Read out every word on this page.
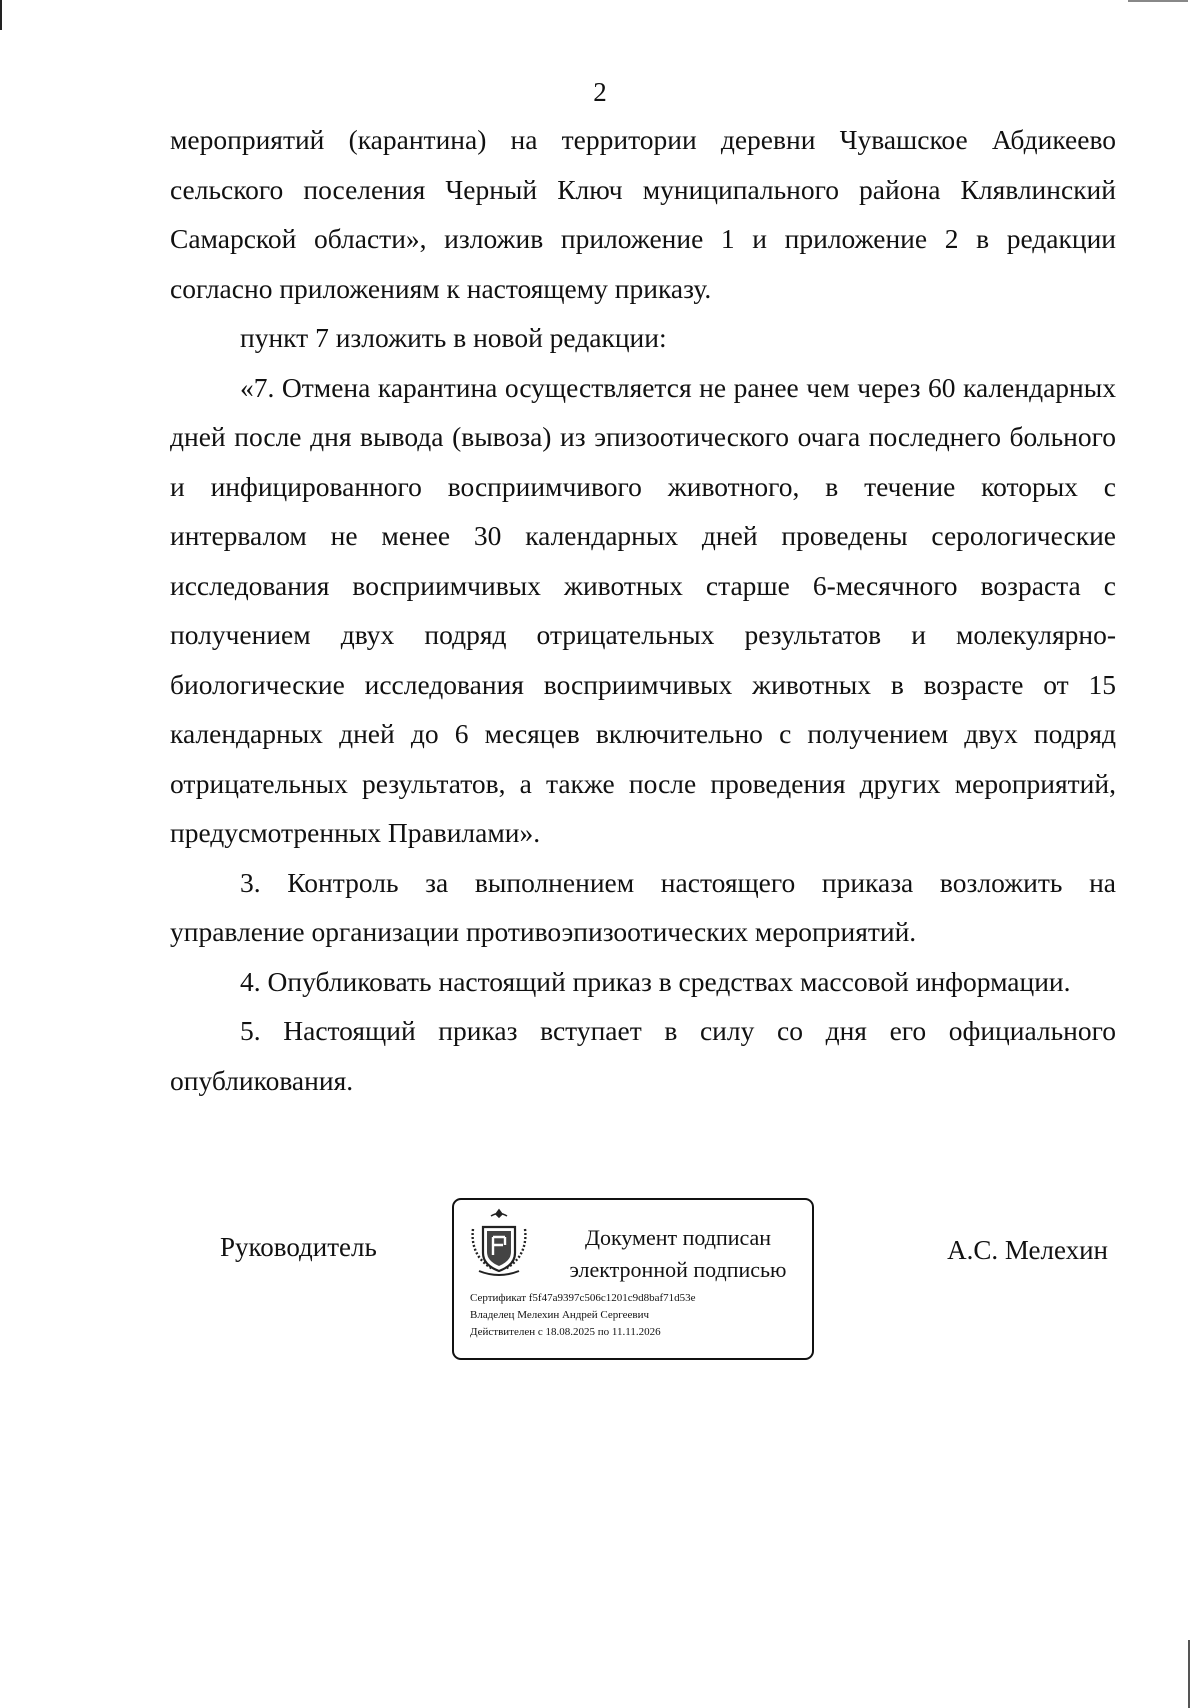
2

мероприятий (карантина) на территории деревни Чувашское Абдикеево сельского поселения Черный Ключ муниципального района Клявлинский Самарской области», изложив приложение 1 и приложение 2 в редакции согласно приложениям к настоящему приказу.

пункт 7 изложить в новой редакции:

«7. Отмена карантина осуществляется не ранее чем через 60 календарных дней после дня вывода (вывоза) из эпизоотического очага последнего больного и инфицированного восприимчивого животного, в течение которых с интервалом не менее 30 календарных дней проведены серологические исследования восприимчивых животных старше 6-месячного возраста с получением двух подряд отрицательных результатов и молекулярно-биологические исследования восприимчивых животных в возрасте от 15 календарных дней до 6 месяцев включительно с получением двух подряд отрицательных результатов, а также после проведения других мероприятий, предусмотренных Правилами».

3. Контроль за выполнением настоящего приказа возложить на управление организации противоэпизоотических мероприятий.

4. Опубликовать настоящий приказ в средствах массовой информации.

5. Настоящий приказ вступает в силу со дня его официального опубликования.

Руководитель	Документ подписан
электронной подписью
Сертификат f5f47a9397c506c1201c9d8baf71d53e
Владелец Мелехин Андрей Сергеевич
Действителен с 18.08.2025 по 11.11.2026
А.С. Мелехин
